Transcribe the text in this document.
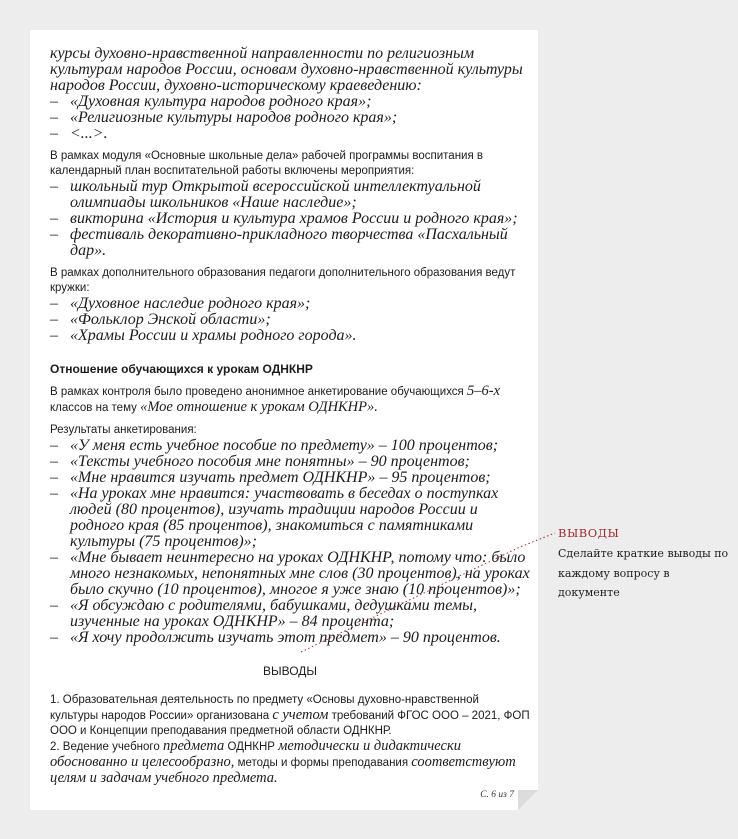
курсы духовно-нравственной направленности по религиозным культурам народов России, основам духовно-нравственной культуры народов России, духовно-историческому краеведению:

– «Духовная культура народов родного края»;
– «Религиозные культуры народов родного края»;
– <...>.

В рамках модуля «Основные школьные дела» рабочей программы воспитания в календарный план воспитательной работы включены мероприятия:

– школьный тур Открытой всероссийской интеллектуальной олимпиады школьников «Наше наследие»;
– викторина «История и культура храмов России и родного края»;
– фестиваль декоративно-прикладного творчества «Пасхальный дар».

В рамках дополнительного образования педагоги дополнительного образования ведут кружки:

– «Духовное наследие родного края»;
– «Фольклор Энской области»;
– «Храмы России и храмы родного города».

Отношение обучающихся к урокам ОДНКНР

В рамках контроля было проведено анонимное анкетирование обучающихся 5–6-х классов на тему «Мое отношение к урокам ОДНКНР».

Результаты анкетирования:

– «У меня есть учебное пособие по предмету» – 100 процентов;
– «Тексты учебного пособия мне понятны» – 90 процентов;
– «Мне нравится изучать предмет ОДНКНР» – 95 процентов;
– «На уроках мне нравится: участвовать в беседах о поступках людей (80 процентов), изучать традиции народов России и родного края (85 процентов), знакомиться с памятниками культуры (75 процентов)»;
– «Мне бывает неинтересно на уроках ОДНКНР, потому что: было много незнакомых, непонятных мне слов (30 процентов), на уроках было скучно (10 процентов), многое я уже знаю (10 процентов)»;
– «Я обсуждаю с родителями, бабушками, дедушками темы, изученные на уроках ОДНКНР» – 84 процента;
– «Я хочу продолжить изучать этот предмет» – 90 процентов.

ВЫВОДЫ

1. Образовательная деятельность по предмету «Основы духовно-нравственной культуры народов России» организована с учетом требований ФГОС ООО – 2021, ФОП ООО и Концепции преподавания предметной области ОДНКНР.

2. Ведение учебного предмета ОДНКНР методически и дидактически обоснованно и целесообразно, методы и формы преподавания соответствуют целям и задачам учебного предмета.

С. 6 из 7
ВЫВОДЫ
Сделайте краткие выводы по каждому вопросу в документе
